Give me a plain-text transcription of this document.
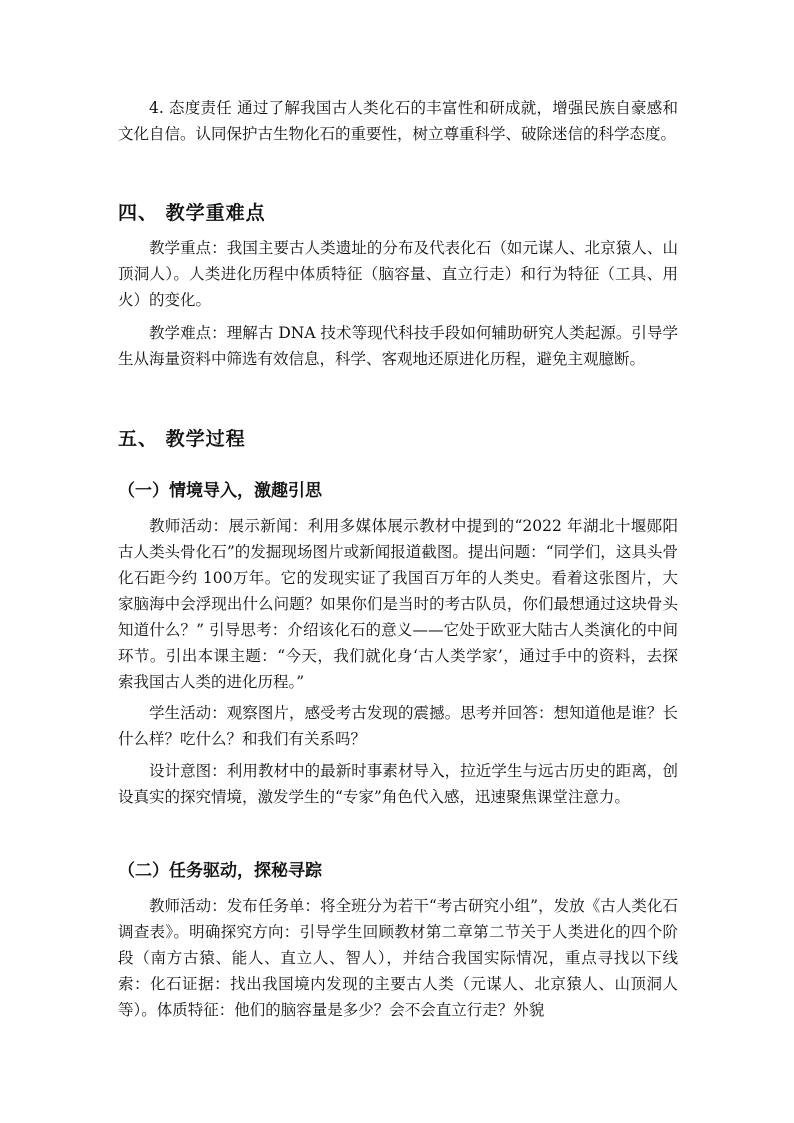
4. 态度责任 通过了解我国古人类化石的丰富性和研成就，增强民族自豪感和文化自信。认同保护古生物化石的重要性，树立尊重科学、破除迷信的科学态度。

四、 教学重难点

教学重点：我国主要古人类遗址的分布及代表化石（如元谋人、北京猿人、山顶洞人）。人类进化历程中体质特征（脑容量、直立行走）和行为特征（工具、用火）的变化。

教学难点：理解古 DNA 技术等现代科技手段如何辅助研究人类起源。引导学生从海量资料中筛选有效信息，科学、客观地还原进化历程，避免主观臆断。

五、 教学过程
（一）情境导入，激趣引思

教师活动：展示新闻：利用多媒体展示教材中提到的“2022 年湖北十堰郧阳古人类头骨化石”的发掘现场图片或新闻报道截图。提出问题：“同学们，这具头骨化石距今约 100万年。它的发现实证了我国百万年的人类史。看着这张图片，大家脑海中会浮现出什么问题？如果你们是当时的考古队员，你们最想通过这块骨头知道什么？” 引导思考：介绍该化石的意义——它处于欧亚大陆古人类演化的中间环节。引出本课主题：“今天，我们就化身‘古人类学家’，通过手中的资料，去探索我国古人类的进化历程。”

学生活动：观察图片，感受考古发现的震撼。思考并回答：想知道他是谁？长什么样？吃什么？和我们有关系吗？

设计意图：利用教材中的最新时事素材导入，拉近学生与远古历史的距离，创设真实的探究情境，激发学生的“专家”角色代入感，迅速聚焦课堂注意力。

（二）任务驱动，探秘寻踪

教师活动：发布任务单：将全班分为若干“考古研究小组”，发放《古人类化石调查表》。明确探究方向：引导学生回顾教材第二章第二节关于人类进化的四个阶段（南方古猿、能人、直立人、智人），并结合我国实际情况，重点寻找以下线索：化石证据：找出我国境内发现的主要古人类（元谋人、北京猿人、山顶洞人等）。体质特征：他们的脑容量是多少？会不会直立行走？外貌
